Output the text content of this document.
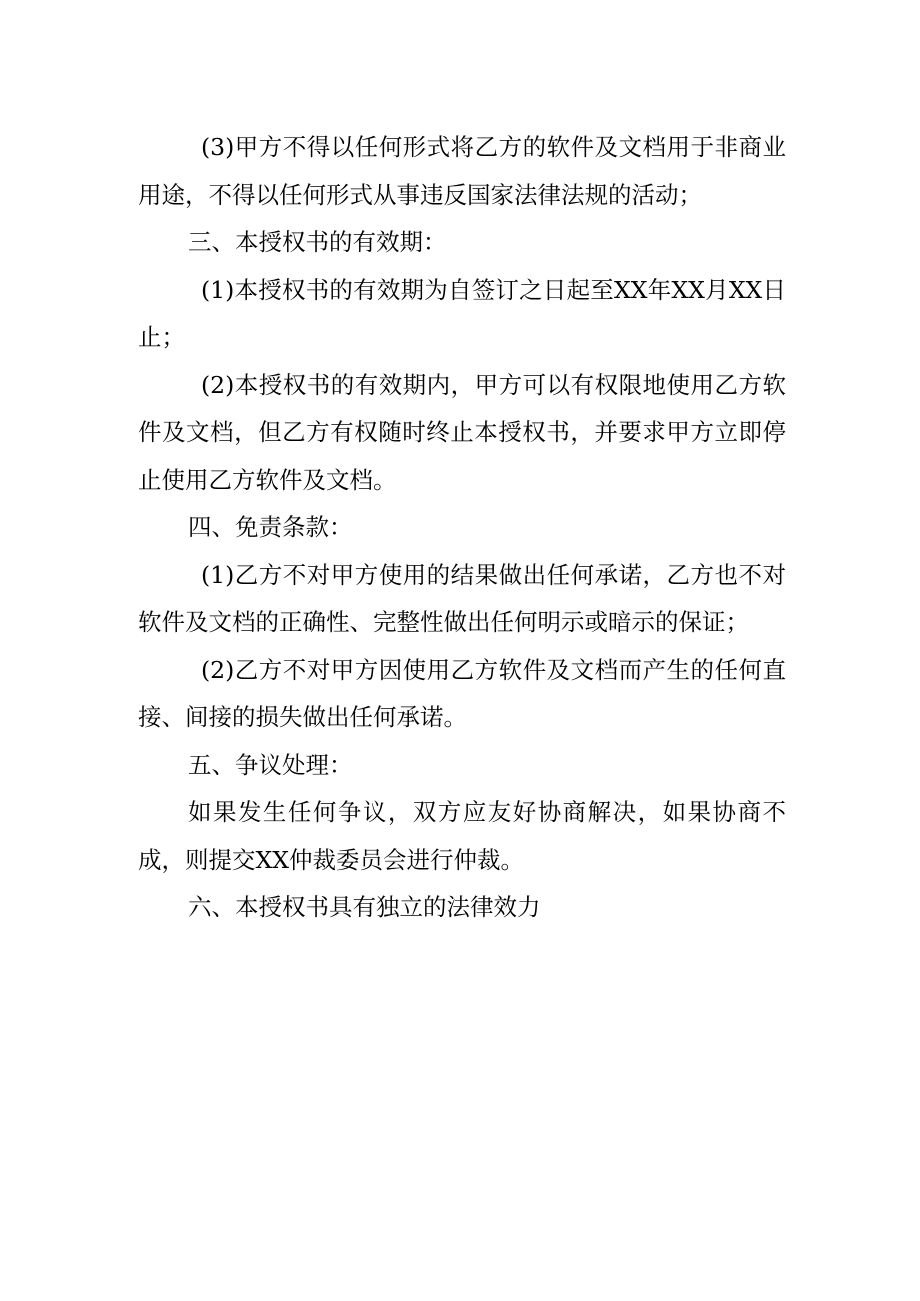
(3)甲方不得以任何形式将乙方的软件及文档用于非商业用途，不得以任何形式从事违反国家法律法规的活动；

三、本授权书的有效期：

(1)本授权书的有效期为自签订之日起至XX年XX月XX日止；

(2)本授权书的有效期内，甲方可以有权限地使用乙方软件及文档，但乙方有权随时终止本授权书，并要求甲方立即停止使用乙方软件及文档。

四、免责条款：

(1)乙方不对甲方使用的结果做出任何承诺，乙方也不对软件及文档的正确性、完整性做出任何明示或暗示的保证；

(2)乙方不对甲方因使用乙方软件及文档而产生的任何直接、间接的损失做出任何承诺。

五、争议处理：

如果发生任何争议，双方应友好协商解决，如果协商不成，则提交XX仲裁委员会进行仲裁。

六、本授权书具有独立的法律效力
